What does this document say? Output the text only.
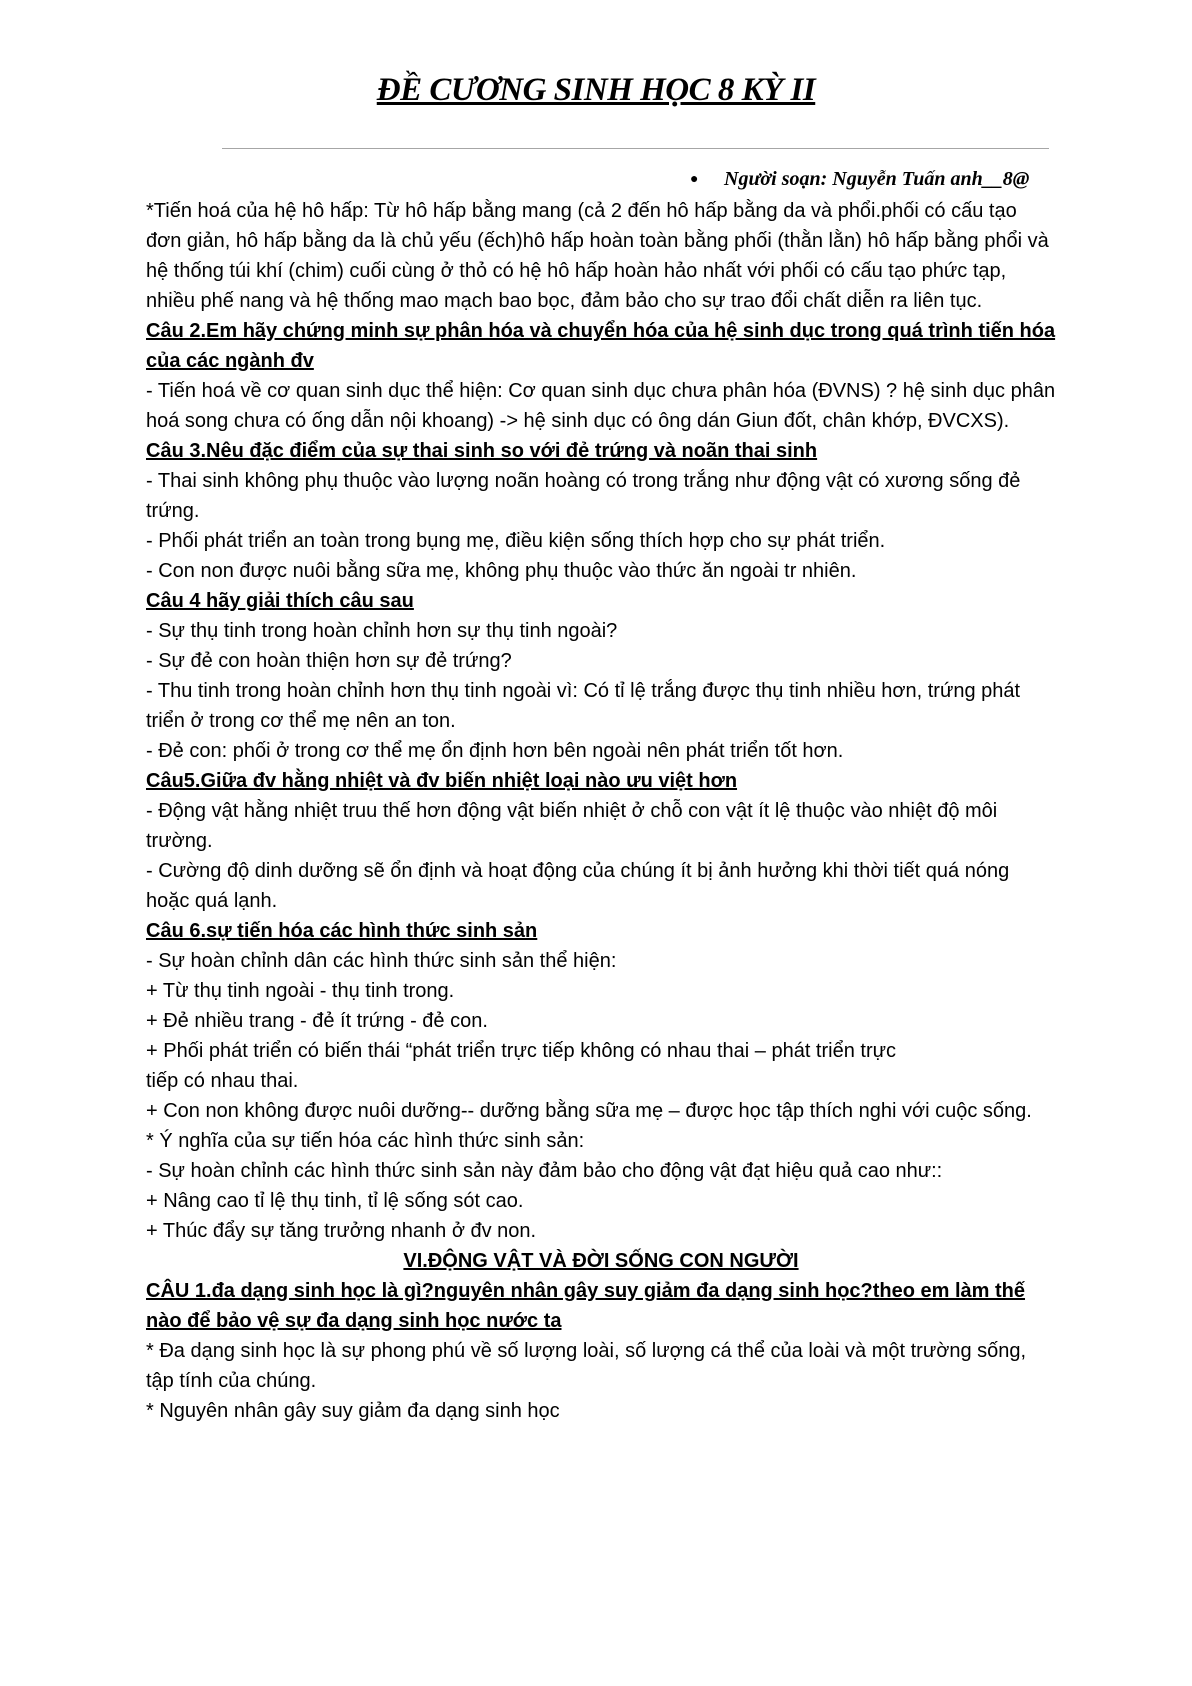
ĐỀ CƯƠNG SINH HỌC 8 KỲ II
● Người soạn: Nguyễn Tuấn anh__8@

*Tiến hoá của hệ hô hấp: Từ hô hấp bằng mang (cả 2 đến hô hấp bằng da và phổi.phối có cấu tạo đơn giản, hô hấp bằng da là chủ yếu (ếch)hô hấp hoàn toàn bằng phối (thằn lằn) hô hấp bằng phổi và hệ thống túi khí (chim) cuối cùng ở thỏ có hệ hô hấp hoàn hảo nhất với phối có cấu tạo phức tạp, nhiều phế nang và hệ thống mao mạch bao bọc, đảm bảo cho sự trao đổi chất diễn ra liên tục.

Câu 2.Em hãy chứng minh sự phân hóa và chuyển hóa của hệ sinh dục trong quá trình tiến hóa của các ngành đv

- Tiến hoá về cơ quan sinh dục thể hiện: Cơ quan sinh dục chưa phân hóa (ĐVNS) ? hệ sinh dục phân hoá song chưa có ống dẫn nội khoang) -> hệ sinh dục có ông dán Giun đốt, chân khớp, ĐVCXS).

Câu 3.Nêu đặc điểm của sự thai sinh so với đẻ trứng và noãn thai sinh

- Thai sinh không phụ thuộc vào lượng noãn hoàng có trong trắng như động vật có xương sống đẻ trứng.

- Phối phát triển an toàn trong bụng mẹ, điều kiện sống thích hợp cho sự phát triển.

- Con non được nuôi bằng sữa mẹ, không phụ thuộc vào thức ăn ngoài tr nhiên.

Câu 4 hãy giải thích câu sau

- Sự thụ tinh trong hoàn chỉnh hơn sự thụ tinh ngoài?

- Sự đẻ con hoàn thiện hơn sự đẻ trứng?

- Thu tinh trong hoàn chỉnh hơn thụ tinh ngoài vì: Có tỉ lệ trắng được thụ tinh nhiều hơn, trứng phát triển ở trong cơ thể mẹ nên an ton.

- Đẻ con: phối ở trong cơ thể mẹ ổn định hơn bên ngoài nên phát triển tốt hơn.

Câu5.Giữa đv hằng nhiệt và đv biến nhiệt loại nào ưu việt hơn

- Động vật hằng nhiệt truu thế hơn động vật biến nhiệt ở chỗ con vật ít lệ thuộc vào nhiệt độ môi trường.

- Cường độ dinh dưỡng sẽ ổn định và hoạt động của chúng ít bị ảnh hưởng khi thời tiết quá nóng hoặc quá lạnh.

Câu 6.sự tiến hóa các hình thức sinh sản

- Sự hoàn chỉnh dân các hình thức sinh sản thể hiện:

+ Từ thụ tinh ngoài - thụ tinh trong.

+ Đẻ nhiều trang - đẻ ít trứng - đẻ con.

+ Phối phát triển có biến thái “phát triển trực tiếp không có nhau thai – phát triển trực

tiếp có nhau thai.

+ Con non không được nuôi dưỡng-- dưỡng bằng sữa mẹ – được học tập thích nghi với cuộc sống.

* Ý nghĩa của sự tiến hóa các hình thức sinh sản:

- Sự hoàn chỉnh các hình thức sinh sản này đảm bảo cho động vật đạt hiệu quả cao như::

+ Nâng cao tỉ lệ thụ tinh, tỉ lệ sống sót cao.

+ Thúc đẩy sự tăng trưởng nhanh ở đv non.

VI.ĐỘNG VẬT VÀ ĐỜI SỐNG CON NGƯỜI

CÂU 1.đa dạng sinh học là gì?nguyên nhân gây suy giảm đa dạng sinh học?theo em làm thế nào để bảo vệ sự đa dạng sinh học nước ta

* Đa dạng sinh học là sự phong phú về số lượng loài, số lượng cá thể của loài và một trường sống, tập tính của chúng.

* Nguyên nhân gây suy giảm đa dạng sinh học
